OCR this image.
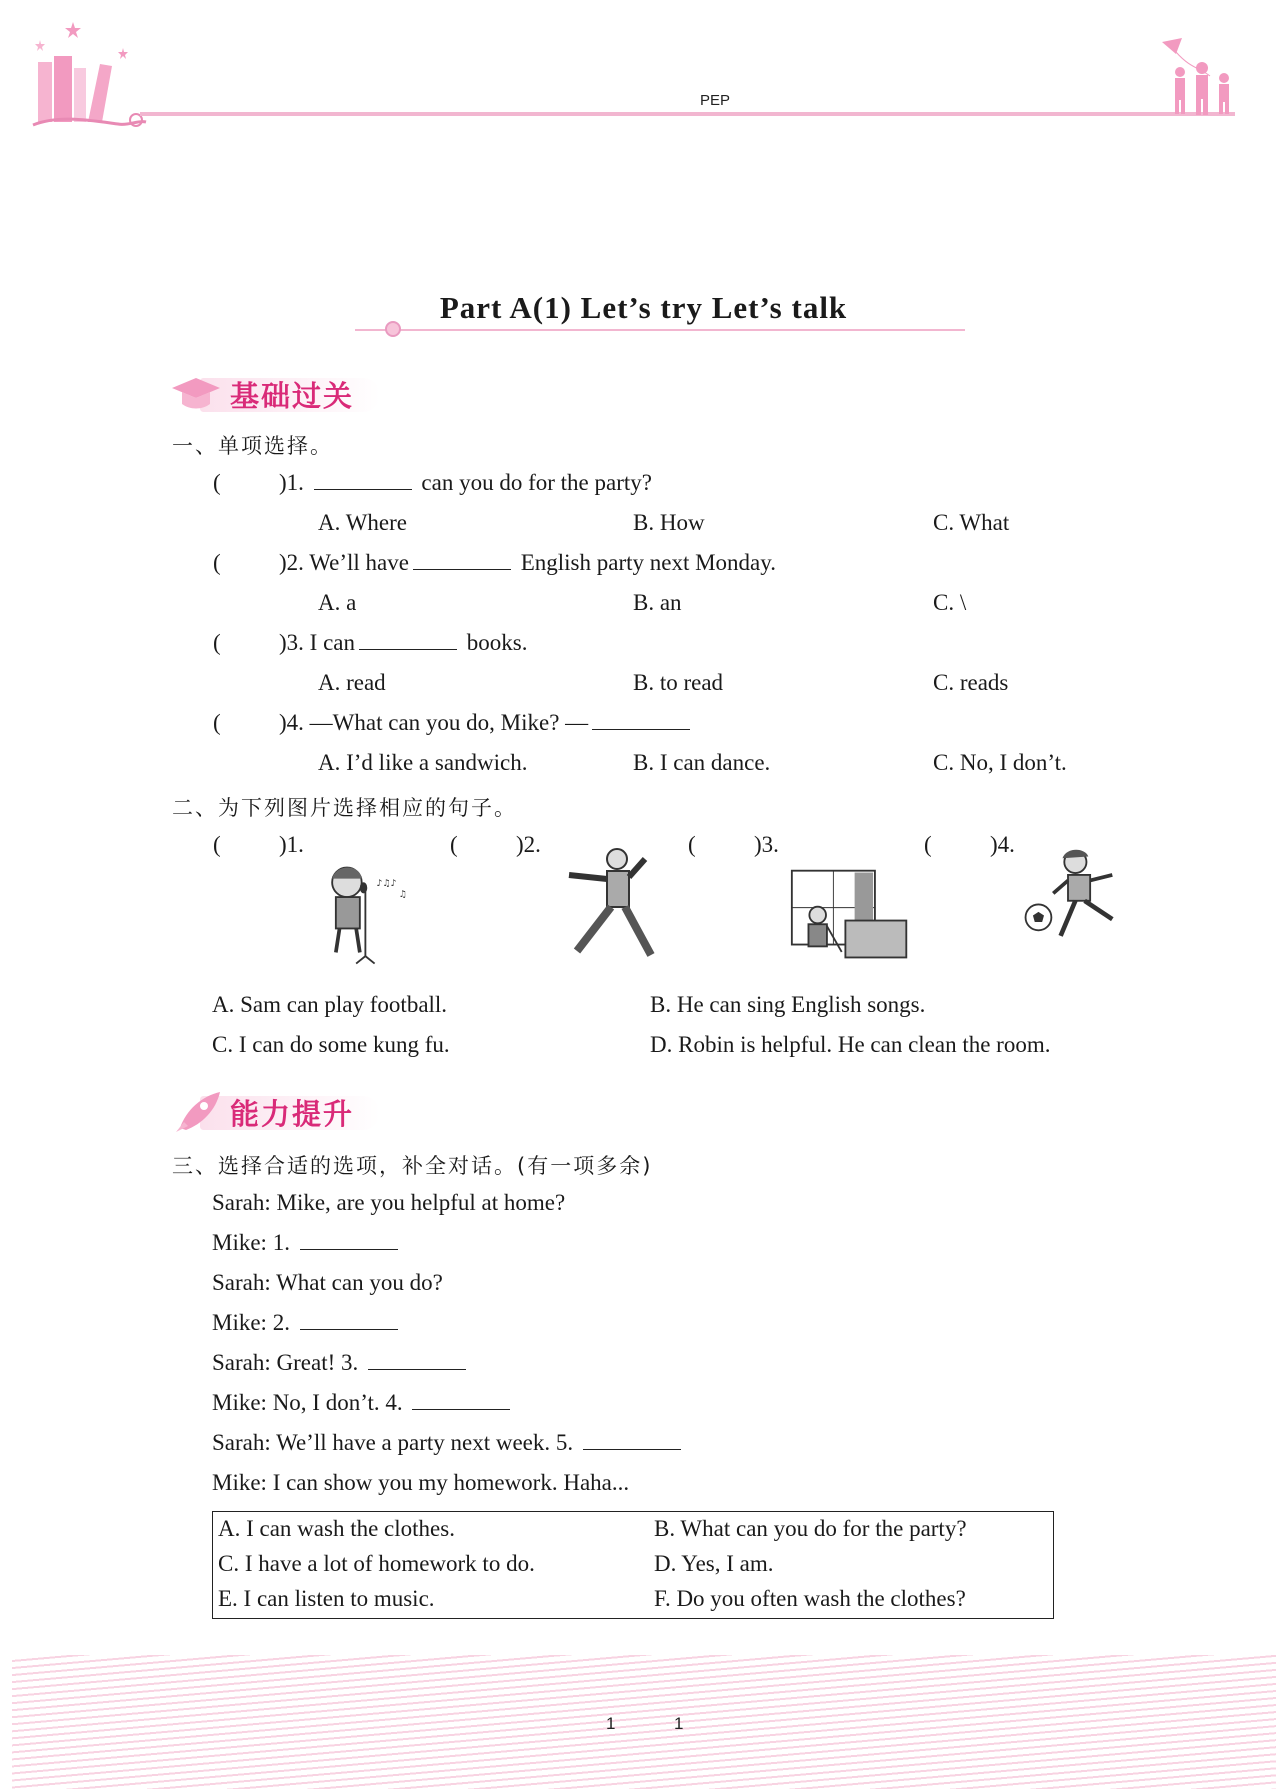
PEP
Part A(1) Let’s try Let’s talk
基础过关
一、单项选择。
(	)1.	can you do for the party?
A. Where	B. How	C. What
(	)2. We’ll have	English party next Monday.
A. a	B. an	C. \
(	)3. I can	books.
A. read	B. to read	C. reads
(	)4. —What can you do, Mike? —
A. I’d like a sandwich.	B. I can dance.	C. No, I don’t.
二、为下列图片选择相应的句子。
(	)1.	(	)2.	(	)3.	(	)4.
♪♫♪
♫
A. Sam can play football.	B. He can sing English songs.
C. I can do some kung fu.	D. Robin is helpful. He can clean the room.
能力提升
三、选择合适的选项，补全对话。(有一项多余)
Sarah: Mike, are you helpful at home?
Mike: 1.
Sarah: What can you do?
Mike: 2.
Sarah: Great! 3.
Mike: No, I don’t. 4.
Sarah: We’ll have a party next week. 5.
Mike: I can show you my homework. Haha...
A. I can wash the clothes.	B. What can you do for the party?
C. I have a lot of homework to do.	D. Yes, I am.
E. I can listen to music.	F. Do you often wash the clothes?
1	1
